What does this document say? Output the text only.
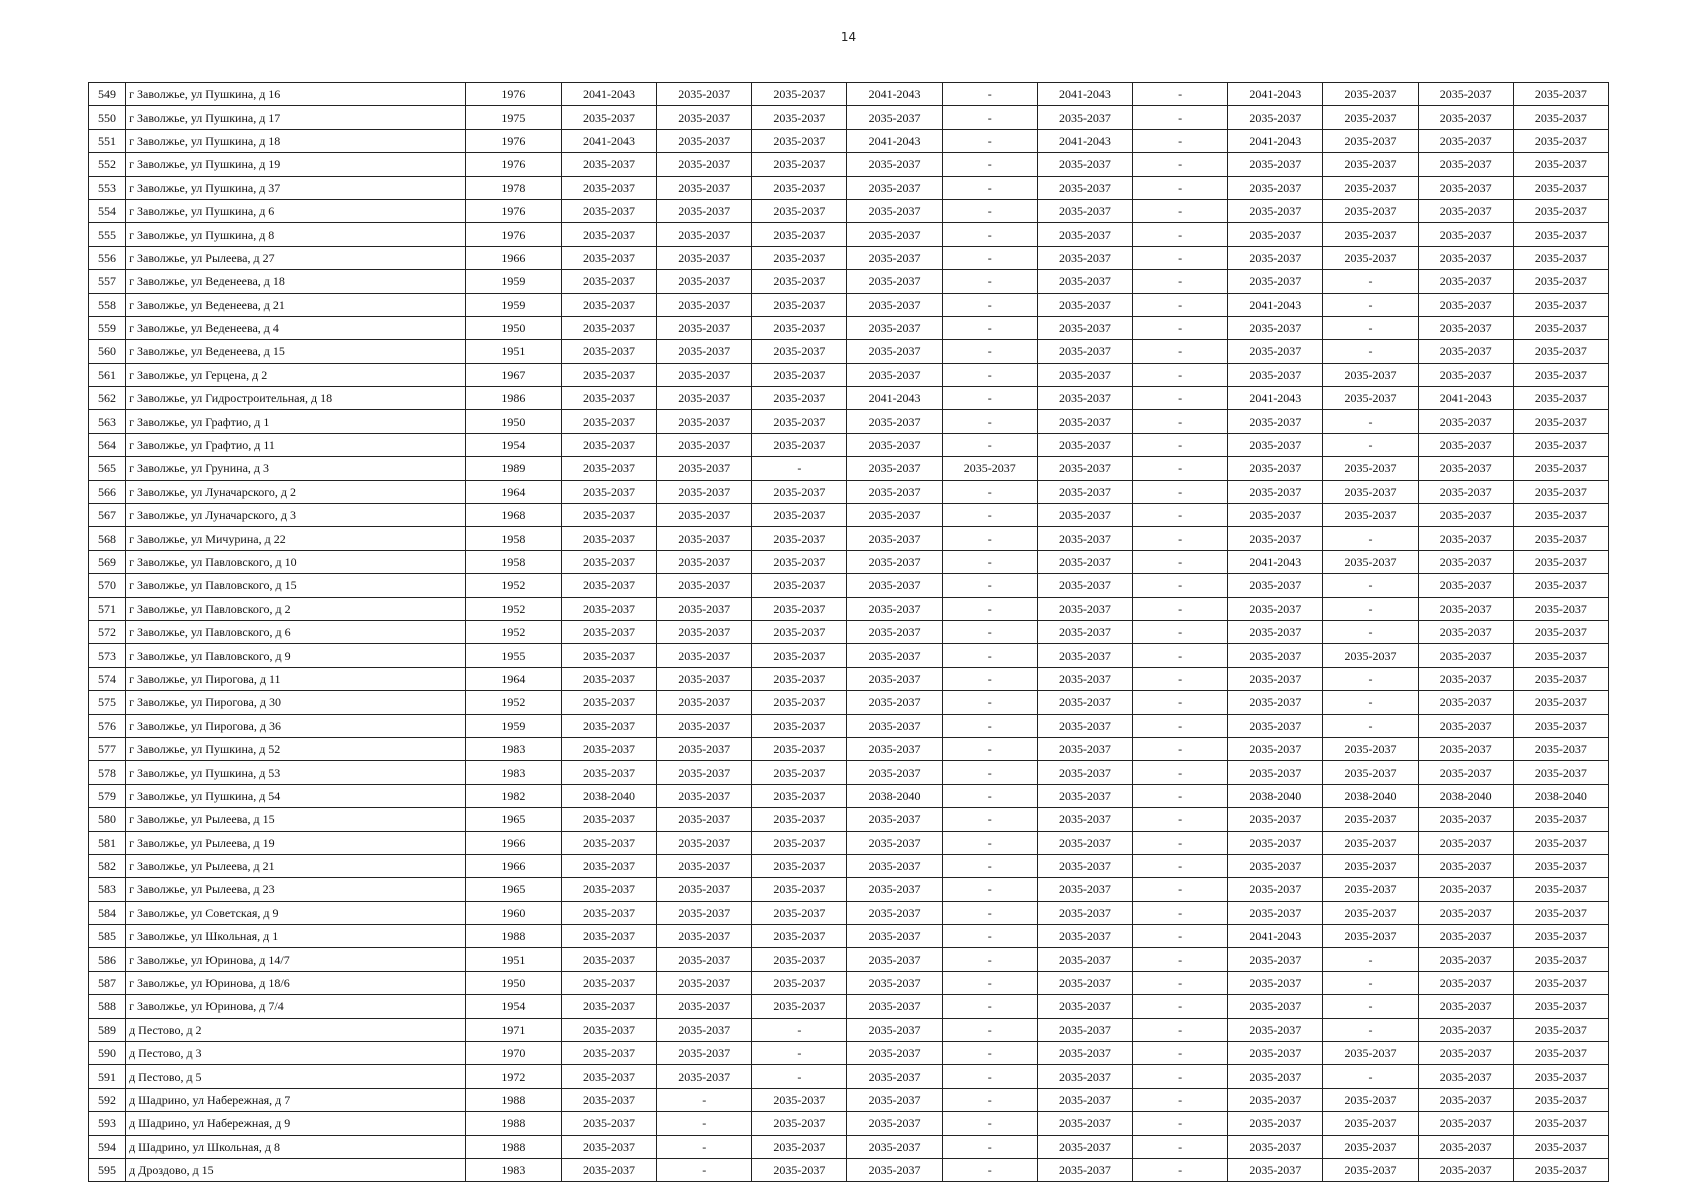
14
549	г Заволжье, ул Пушкина, д 16	1976	2041-2043	2035-2037	2035-2037	2041-2043	-	2041-2043	-	2041-2043	2035-2037	2035-2037	2035-2037
550	г Заволжье, ул Пушкина, д 17	1975	2035-2037	2035-2037	2035-2037	2035-2037	-	2035-2037	-	2035-2037	2035-2037	2035-2037	2035-2037
551	г Заволжье, ул Пушкина, д 18	1976	2041-2043	2035-2037	2035-2037	2041-2043	-	2041-2043	-	2041-2043	2035-2037	2035-2037	2035-2037
552	г Заволжье, ул Пушкина, д 19	1976	2035-2037	2035-2037	2035-2037	2035-2037	-	2035-2037	-	2035-2037	2035-2037	2035-2037	2035-2037
553	г Заволжье, ул Пушкина, д 37	1978	2035-2037	2035-2037	2035-2037	2035-2037	-	2035-2037	-	2035-2037	2035-2037	2035-2037	2035-2037
554	г Заволжье, ул Пушкина, д 6	1976	2035-2037	2035-2037	2035-2037	2035-2037	-	2035-2037	-	2035-2037	2035-2037	2035-2037	2035-2037
555	г Заволжье, ул Пушкина, д 8	1976	2035-2037	2035-2037	2035-2037	2035-2037	-	2035-2037	-	2035-2037	2035-2037	2035-2037	2035-2037
556	г Заволжье, ул Рылеева, д 27	1966	2035-2037	2035-2037	2035-2037	2035-2037	-	2035-2037	-	2035-2037	2035-2037	2035-2037	2035-2037
557	г Заволжье, ул Веденеева, д 18	1959	2035-2037	2035-2037	2035-2037	2035-2037	-	2035-2037	-	2035-2037	-	2035-2037	2035-2037
558	г Заволжье, ул Веденеева, д 21	1959	2035-2037	2035-2037	2035-2037	2035-2037	-	2035-2037	-	2041-2043	-	2035-2037	2035-2037
559	г Заволжье, ул Веденеева, д 4	1950	2035-2037	2035-2037	2035-2037	2035-2037	-	2035-2037	-	2035-2037	-	2035-2037	2035-2037
560	г Заволжье, ул Веденеева, д 15	1951	2035-2037	2035-2037	2035-2037	2035-2037	-	2035-2037	-	2035-2037	-	2035-2037	2035-2037
561	г Заволжье, ул Герцена, д 2	1967	2035-2037	2035-2037	2035-2037	2035-2037	-	2035-2037	-	2035-2037	2035-2037	2035-2037	2035-2037
562	г Заволжье, ул Гидростроительная, д 18	1986	2035-2037	2035-2037	2035-2037	2041-2043	-	2035-2037	-	2041-2043	2035-2037	2041-2043	2035-2037
563	г Заволжье, ул Графтио, д 1	1950	2035-2037	2035-2037	2035-2037	2035-2037	-	2035-2037	-	2035-2037	-	2035-2037	2035-2037
564	г Заволжье, ул Графтио, д 11	1954	2035-2037	2035-2037	2035-2037	2035-2037	-	2035-2037	-	2035-2037	-	2035-2037	2035-2037
565	г Заволжье, ул Грунина, д 3	1989	2035-2037	2035-2037	-	2035-2037	2035-2037	2035-2037	-	2035-2037	2035-2037	2035-2037	2035-2037
566	г Заволжье, ул Луначарского, д 2	1964	2035-2037	2035-2037	2035-2037	2035-2037	-	2035-2037	-	2035-2037	2035-2037	2035-2037	2035-2037
567	г Заволжье, ул Луначарского, д 3	1968	2035-2037	2035-2037	2035-2037	2035-2037	-	2035-2037	-	2035-2037	2035-2037	2035-2037	2035-2037
568	г Заволжье, ул Мичурина, д 22	1958	2035-2037	2035-2037	2035-2037	2035-2037	-	2035-2037	-	2035-2037	-	2035-2037	2035-2037
569	г Заволжье, ул Павловского, д 10	1958	2035-2037	2035-2037	2035-2037	2035-2037	-	2035-2037	-	2041-2043	2035-2037	2035-2037	2035-2037
570	г Заволжье, ул Павловского, д 15	1952	2035-2037	2035-2037	2035-2037	2035-2037	-	2035-2037	-	2035-2037	-	2035-2037	2035-2037
571	г Заволжье, ул Павловского, д 2	1952	2035-2037	2035-2037	2035-2037	2035-2037	-	2035-2037	-	2035-2037	-	2035-2037	2035-2037
572	г Заволжье, ул Павловского, д 6	1952	2035-2037	2035-2037	2035-2037	2035-2037	-	2035-2037	-	2035-2037	-	2035-2037	2035-2037
573	г Заволжье, ул Павловского, д 9	1955	2035-2037	2035-2037	2035-2037	2035-2037	-	2035-2037	-	2035-2037	2035-2037	2035-2037	2035-2037
574	г Заволжье, ул Пирогова, д 11	1964	2035-2037	2035-2037	2035-2037	2035-2037	-	2035-2037	-	2035-2037	-	2035-2037	2035-2037
575	г Заволжье, ул Пирогова, д 30	1952	2035-2037	2035-2037	2035-2037	2035-2037	-	2035-2037	-	2035-2037	-	2035-2037	2035-2037
576	г Заволжье, ул Пирогова, д 36	1959	2035-2037	2035-2037	2035-2037	2035-2037	-	2035-2037	-	2035-2037	-	2035-2037	2035-2037
577	г Заволжье, ул Пушкина, д 52	1983	2035-2037	2035-2037	2035-2037	2035-2037	-	2035-2037	-	2035-2037	2035-2037	2035-2037	2035-2037
578	г Заволжье, ул Пушкина, д 53	1983	2035-2037	2035-2037	2035-2037	2035-2037	-	2035-2037	-	2035-2037	2035-2037	2035-2037	2035-2037
579	г Заволжье, ул Пушкина, д 54	1982	2038-2040	2035-2037	2035-2037	2038-2040	-	2035-2037	-	2038-2040	2038-2040	2038-2040	2038-2040
580	г Заволжье, ул Рылеева, д 15	1965	2035-2037	2035-2037	2035-2037	2035-2037	-	2035-2037	-	2035-2037	2035-2037	2035-2037	2035-2037
581	г Заволжье, ул Рылеева, д 19	1966	2035-2037	2035-2037	2035-2037	2035-2037	-	2035-2037	-	2035-2037	2035-2037	2035-2037	2035-2037
582	г Заволжье, ул Рылеева, д 21	1966	2035-2037	2035-2037	2035-2037	2035-2037	-	2035-2037	-	2035-2037	2035-2037	2035-2037	2035-2037
583	г Заволжье, ул Рылеева, д 23	1965	2035-2037	2035-2037	2035-2037	2035-2037	-	2035-2037	-	2035-2037	2035-2037	2035-2037	2035-2037
584	г Заволжье, ул Советская, д 9	1960	2035-2037	2035-2037	2035-2037	2035-2037	-	2035-2037	-	2035-2037	2035-2037	2035-2037	2035-2037
585	г Заволжье, ул Школьная, д 1	1988	2035-2037	2035-2037	2035-2037	2035-2037	-	2035-2037	-	2041-2043	2035-2037	2035-2037	2035-2037
586	г Заволжье, ул Юринова, д 14/7	1951	2035-2037	2035-2037	2035-2037	2035-2037	-	2035-2037	-	2035-2037	-	2035-2037	2035-2037
587	г Заволжье, ул Юринова, д 18/6	1950	2035-2037	2035-2037	2035-2037	2035-2037	-	2035-2037	-	2035-2037	-	2035-2037	2035-2037
588	г Заволжье, ул Юринова, д 7/4	1954	2035-2037	2035-2037	2035-2037	2035-2037	-	2035-2037	-	2035-2037	-	2035-2037	2035-2037
589	д Пестово, д 2	1971	2035-2037	2035-2037	-	2035-2037	-	2035-2037	-	2035-2037	-	2035-2037	2035-2037
590	д Пестово, д 3	1970	2035-2037	2035-2037	-	2035-2037	-	2035-2037	-	2035-2037	2035-2037	2035-2037	2035-2037
591	д Пестово, д 5	1972	2035-2037	2035-2037	-	2035-2037	-	2035-2037	-	2035-2037	-	2035-2037	2035-2037
592	д Шадрино, ул Набережная, д 7	1988	2035-2037	-	2035-2037	2035-2037	-	2035-2037	-	2035-2037	2035-2037	2035-2037	2035-2037
593	д Шадрино, ул Набережная, д 9	1988	2035-2037	-	2035-2037	2035-2037	-	2035-2037	-	2035-2037	2035-2037	2035-2037	2035-2037
594	д Шадрино, ул Школьная, д 8	1988	2035-2037	-	2035-2037	2035-2037	-	2035-2037	-	2035-2037	2035-2037	2035-2037	2035-2037
595	д Дроздово, д 15	1983	2035-2037	-	2035-2037	2035-2037	-	2035-2037	-	2035-2037	2035-2037	2035-2037	2035-2037
